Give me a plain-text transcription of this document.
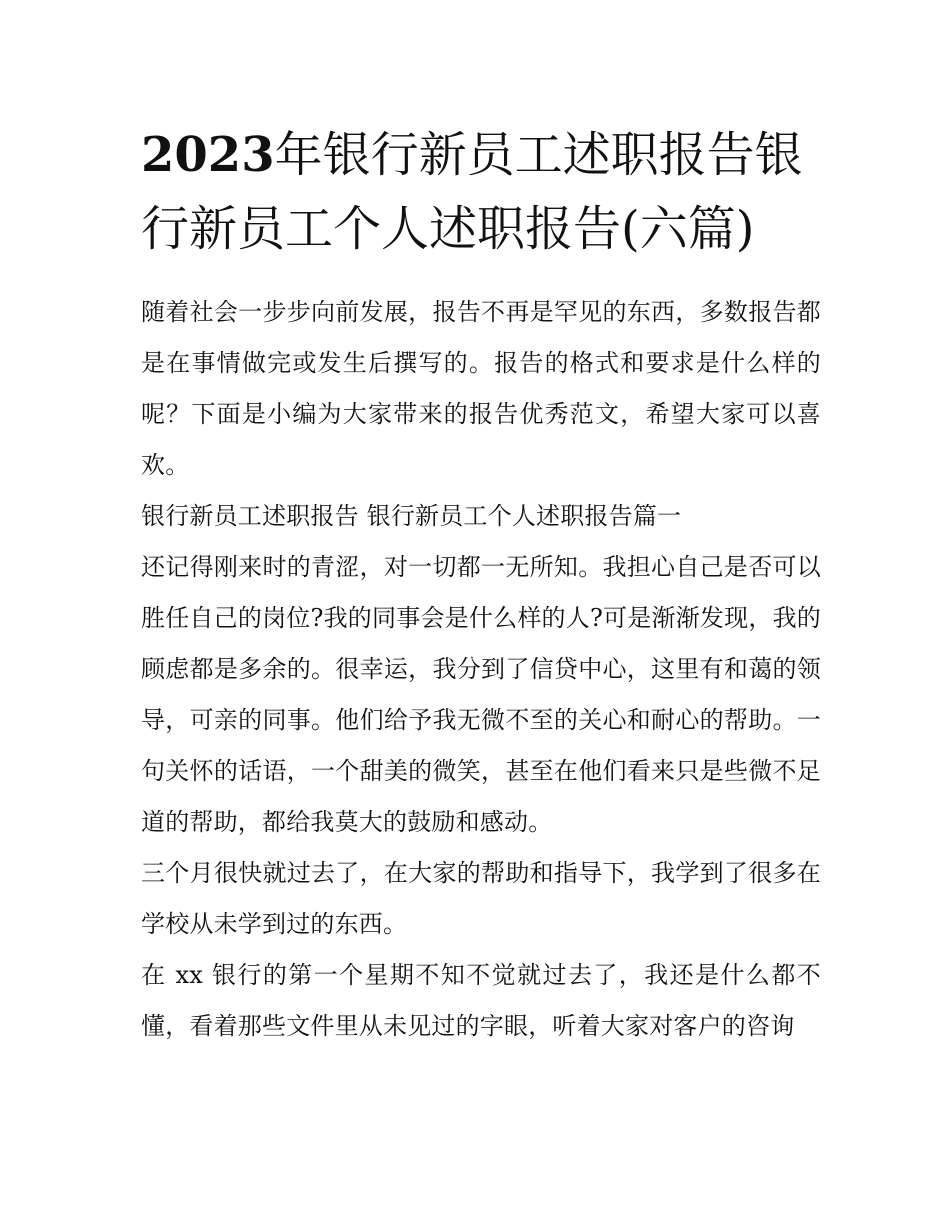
2023年银行新员工述职报告银行新员工个人述职报告(六篇)

随着社会一步步向前发展，报告不再是罕见的东西，多数报告都是在事情做完或发生后撰写的。报告的格式和要求是什么样的呢？下面是小编为大家带来的报告优秀范文，希望大家可以喜欢。

银行新员工述职报告 银行新员工个人述职报告篇一

还记得刚来时的青涩，对一切都一无所知。我担心自己是否可以胜任自己的岗位?我的同事会是什么样的人?可是渐渐发现，我的顾虑都是多余的。很幸运，我分到了信贷中心，这里有和蔼的领导，可亲的同事。他们给予我无微不至的关心和耐心的帮助。一句关怀的话语，一个甜美的微笑，甚至在他们看来只是些微不足道的帮助，都给我莫大的鼓励和感动。

三个月很快就过去了，在大家的帮助和指导下，我学到了很多在学校从未学到过的东西。

在 xx 银行的第一个星期不知不觉就过去了，我还是什么都不懂，看着那些文件里从未见过的字眼，听着大家对客户的咨询
